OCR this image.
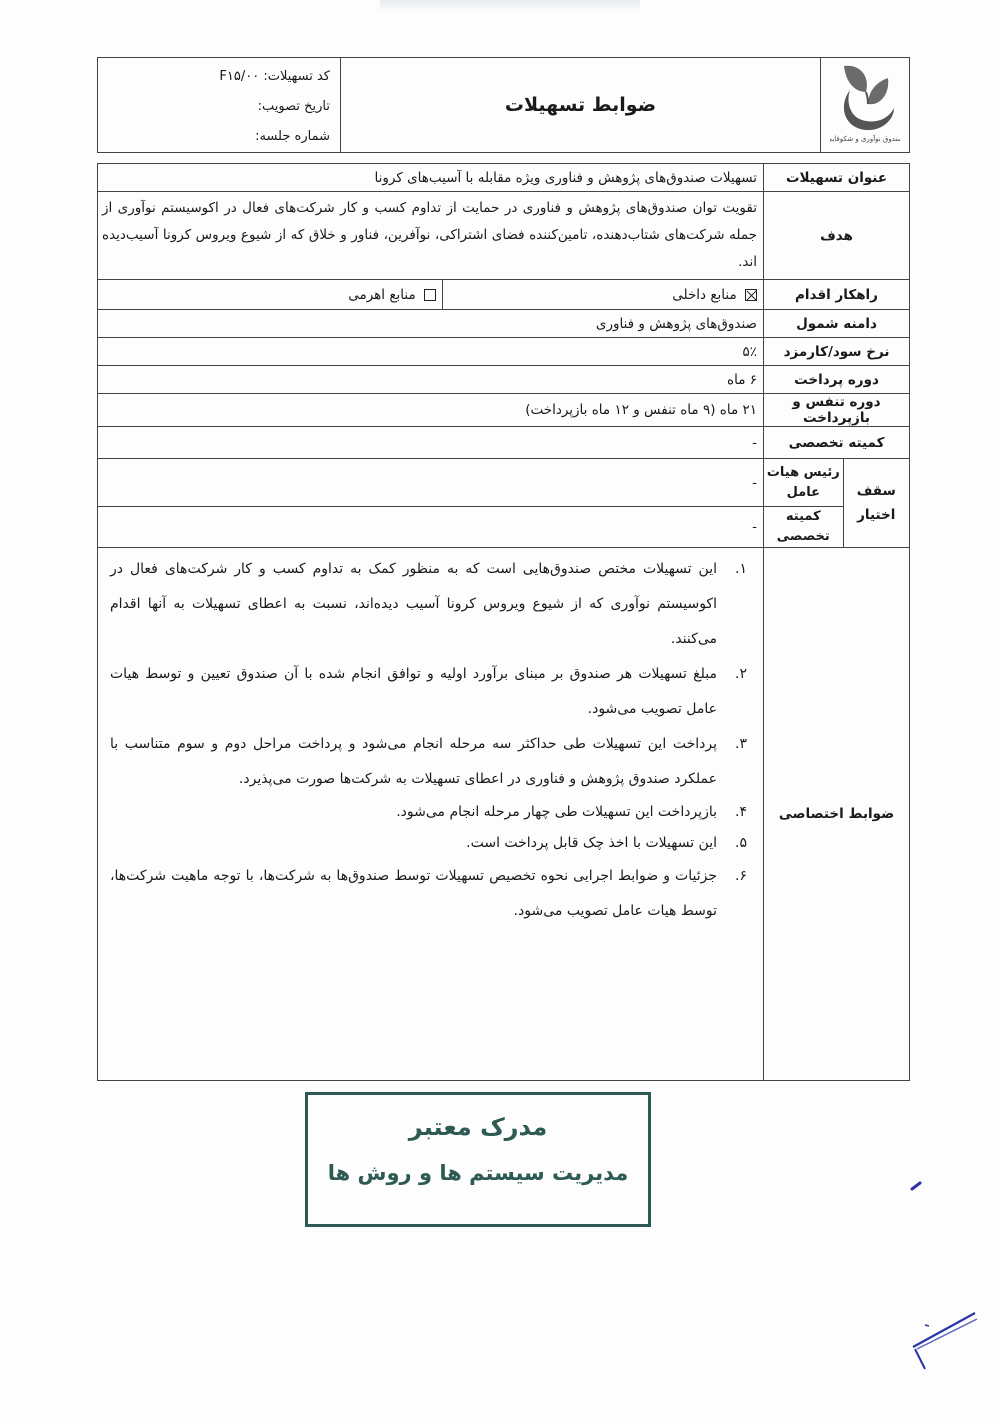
صندوق نوآوری و شکوفایی
	ضوابط تسهیلات	
کد تسهیلات: F۱۵/۰۰
تاریخ تصویب:
شماره جلسه:
عنوان تسهیلات		تسهیلات صندوق‌های پژوهش و فناوری ویژه مقابله با آسیب‌های کرونا	
هدف		تقویت توان صندوق‌های پژوهش و فناوری در حمایت از تداوم کسب و کار شرکت‌های فعال در اکوسیستم نوآوری از جمله شرکت‌های شتاب‌دهنده، تامین‌کننده فضای اشتراکی، نوآفرین، فناور و خلاق که از شیوع ویروس کرونا آسیب‌دیده اند.	
راهکار اقدام		منابع داخلی	منابع اهرمی
دامنه شمول		صندوق‌های پژوهش و فناوری	
نرخ سود/کارمزد		۵٪	
دوره پرداخت		۶ ماه	
دوره تنفس و بازپرداخت		۲۱ ماه (۹ ماه تنفس و ۱۲ ماه بازپرداخت)	
کمیته تخصصی		-	
سقف اختیار	رئیس هیات عامل	-	
	کمیته تخصصی	-	
ضوابط اختصاصی	
۱.
این تسهیلات مختص صندوق‌هایی است که به منظور کمک به تداوم کسب و کار شرکت‌های فعال در اکوسیستم نوآوری که از شیوع ویروس کرونا آسیب دیده‌اند، نسبت به اعطای تسهیلات به آنها اقدام می‌کنند.
۲.
مبلغ تسهیلات هر صندوق بر مبنای برآورد اولیه و توافق انجام شده با آن صندوق تعیین و توسط هیات عامل تصویب می‌شود.
۳.
پرداخت این تسهیلات طی حداکثر سه مرحله انجام می‌شود و پرداخت مراحل دوم و سوم متناسب با عملکرد صندوق پژوهش و فناوری در اعطای تسهیلات به شرکت‌ها صورت می‌پذیرد.
۴.
بازپرداخت این تسهیلات طی چهار مرحله انجام می‌شود.
۵.
این تسهیلات با اخذ چک قابل پرداخت است.
۶.
جزئیات و ضوابط اجرایی نحوه تخصیص تسهیلات توسط صندوق‌ها به شرکت‌ها، با توجه ماهیت شرکت‌ها، توسط هیات عامل تصویب می‌شود.
مدرک معتبر
مدیریت سیستم ها و روش ها
